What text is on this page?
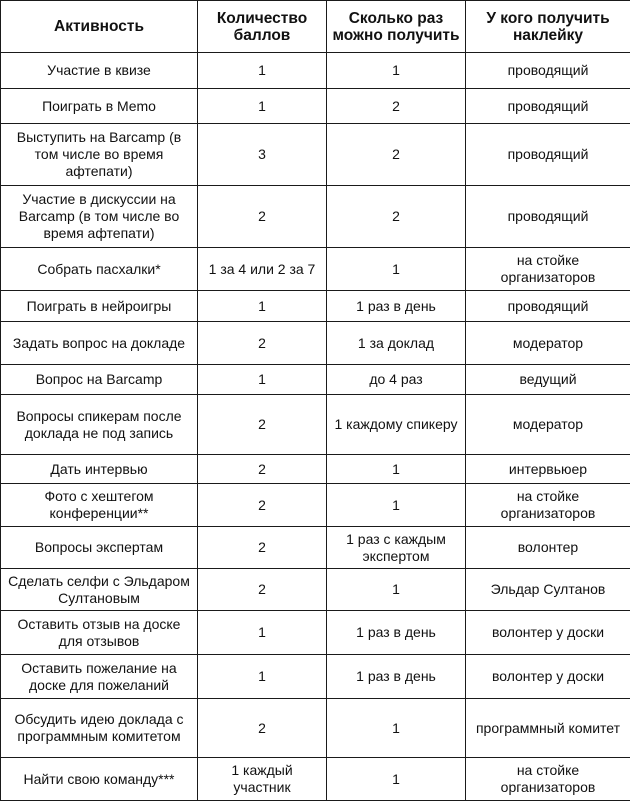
Активность	Количество баллов	Сколько раз можно получить	У кого получить наклейку
Участие в квизе	1	1	проводящий
Поиграть в Memo	1	2	проводящий
Выступить на Barcamp (в том числе во время афтепати)	3	2	проводящий
Участие в дискуссии на Barcamp (в том числе во время афтепати)	2	2	проводящий
Собрать пасхалки*	1 за 4 или 2 за 7	1	на стойке организаторов
Поиграть в нейроигры	1	1 раз в день	проводящий
Задать вопрос на докладе	2	1 за доклад	модератор
Вопрос на Barcamp	1	до 4 раз	ведущий
Вопросы спикерам после доклада не под запись	2	1 каждому спикеру	модератор
Дать интервью	2	1	интервьюер
Фото с хештегом конференции**	2	1	на стойке организаторов
Вопросы экспертам	2	1 раз с каждым экспертом	волонтер
Сделать селфи с Эльдаром Султановым	2	1	Эльдар Султанов
Оставить отзыв на доске для отзывов	1	1 раз в день	волонтер у доски
Оставить пожелание на доске для пожеланий	1	1 раз в день	волонтер у доски
Обсудить идею доклада с программным комитетом	2	1	программный комитет
Найти свою команду***	1 каждый участник	1	на стойке организаторов
